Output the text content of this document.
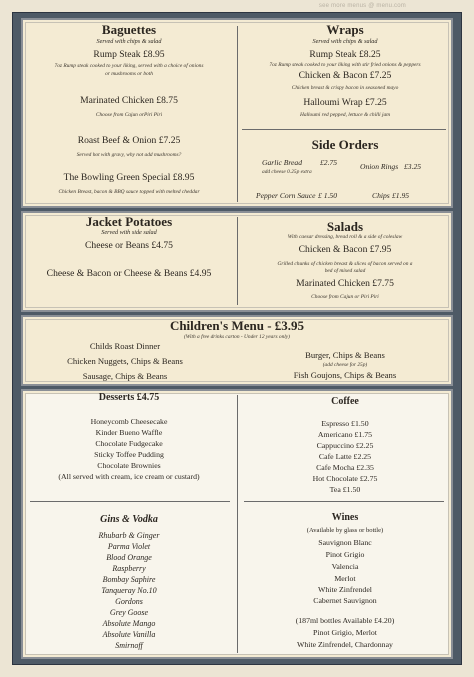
see more menus @ menu.com
Baguettes
Served with chips & salad
Rump Steak £8.95
7oz Rump steak cooked to your liking, served with a choice of onions
or mushrooms or both
Marinated Chicken £8.75
Choose from Cajun orPiri Piri
Roast Beef & Onion £7.25
Served hot with gravy, why not add mushrooms?
The Bowling Green Special £8.95
Chicken Breast, bacon & BBQ sauce topped with melted cheddar
Wraps
Served with chips & salad
Rump Steak £8.25
7oz Rump steak cooked to your liking with stir fried onions & peppers
Chicken & Bacon £7.25
Chicken breast & crispy bacon in seasoned mayo
Halloumi Wrap £7.25
Halloumi red pepped, lettuce & chilli jam
Side Orders
Garlic Bread £2.75
add cheese 0.25p extra
Onion Rings £3.25
Pepper Corn Sauce £ 1.50	Chips £1.95
Jacket Potatoes
Served with side salad
Cheese or Beans £4.75
Cheese & Bacon or Cheese & Beans £4.95
Salads
With caesar dressing, bread roll & a side of coleslaw
Chicken & Bacon £7.95
Grilled chunks of chicken breast & slices of bacon served on a
bed of mixed salad
Marinated Chicken £7.75
Choose from Cajun or Piri Piri
Children's Menu - £3.95
(With a free drinks carton - Under 12 years only)
Childs Roast Dinner
Chicken Nuggets, Chips & Beans
Sausage, Chips & Beans
Burger, Chips & Beans
(add cheese for 25p)
Fish Goujons, Chips & Beans
Desserts £4.75
Honeycomb Cheesecake
Kinder Bueno Waffle
Chocolate Fudgecake
Sticky Toffee Pudding
Chocolate Brownies
(All served with cream, ice cream or custard)
Coffee
Espresso £1.50
Americano £1.75
Cappuccino £2.25
Cafe Latte £2.25
Cafe Mocha £2.35
Hot Chocolate £2.75
Tea £1.50
Gins & Vodka
Rhubarb & Ginger
Parma Violet
Blood Orange
Raspberry
Bombay Saphire
Tanqueray No.10
Gordons
Grey Goose
Absolute Mango
Absolute Vanilla
Smirnoff
Wines
(Available by glass or bottle)
Sauvignon Blanc
Pinot Grigio
Valencia
Merlot
White Zinfrendel
Cabernet Sauvignon
(187ml bottles Available £4.20)
Pinot Grigio, Merlot
White Zinfrendel, Chardonnay
